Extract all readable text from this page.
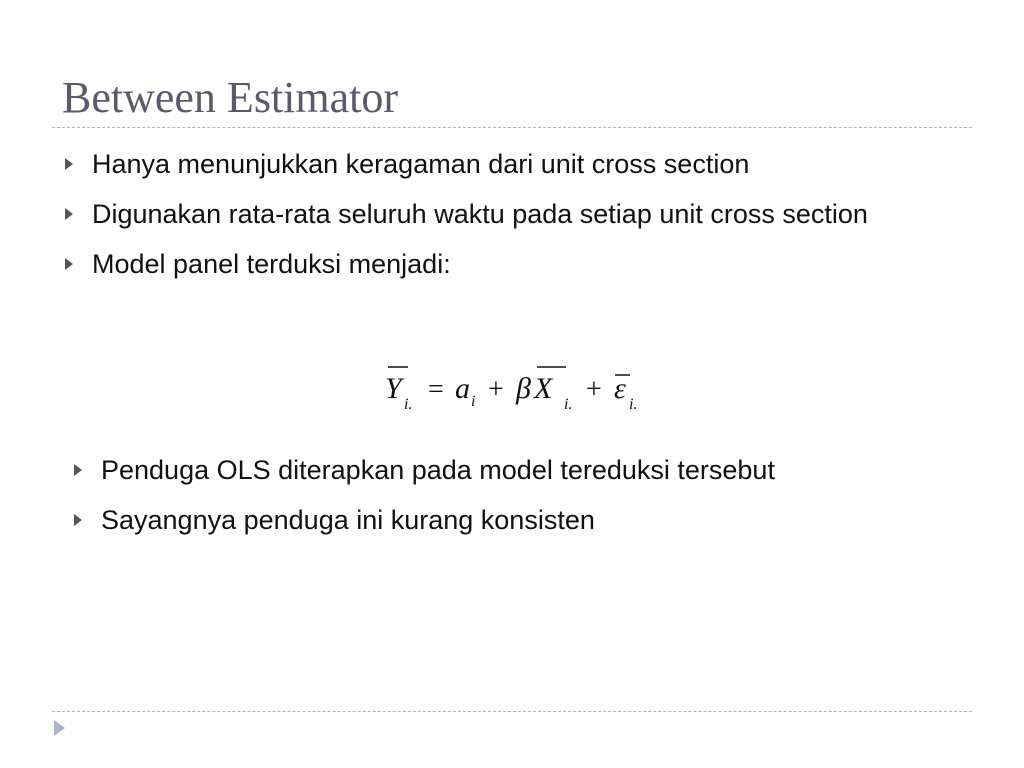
Between Estimator
Hanya menunjukkan keragaman dari unit cross section
Digunakan rata-rata seluruh waktu pada setiap unit cross section
Model panel terduksi menjadi:
Y i. = a i + β X i. + ε i.
Penduga OLS diterapkan pada model tereduksi tersebut
Sayangnya penduga ini kurang konsisten
